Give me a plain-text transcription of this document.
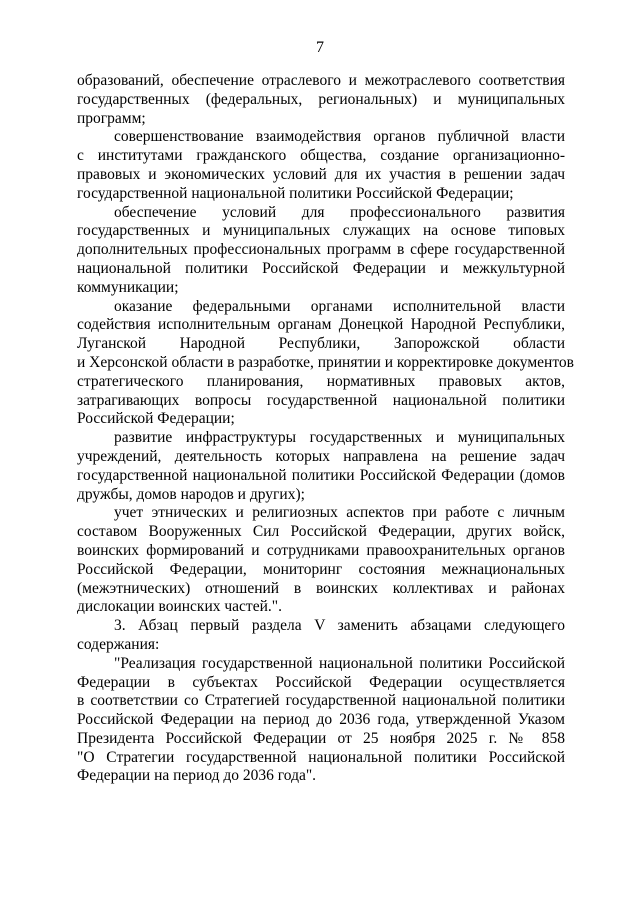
7
образований, обеспечение отраслевого и межотраслевого соответствия
государственных (федеральных, региональных) и муниципальных
программ;
совершенствование взаимодействия органов публичной власти
с институтами гражданского общества, создание организационно-
правовых и экономических условий для их участия в решении задач
государственной национальной политики Российской Федерации;
обеспечение условий для профессионального развития
государственных и муниципальных служащих на основе типовых
дополнительных профессиональных программ в сфере государственной
национальной политики Российской Федерации и межкультурной
коммуникации;
оказание федеральными органами исполнительной власти
содействия исполнительным органам Донецкой Народной Республики,
Луганской Народной Республики, Запорожской области
и Херсонской области в разработке, принятии и корректировке документов
стратегического планирования, нормативных правовых актов,
затрагивающих вопросы государственной национальной политики
Российской Федерации;
развитие инфраструктуры государственных и муниципальных
учреждений, деятельность которых направлена на решение задач
государственной национальной политики Российской Федерации (домов
дружбы, домов народов и других);
учет этнических и религиозных аспектов при работе с личным
составом Вооруженных Сил Российской Федерации, других войск,
воинских формирований и сотрудниками правоохранительных органов
Российской Федерации, мониторинг состояния межнациональных
(межэтнических) отношений в воинских коллективах и районах
дислокации воинских частей.".
3. Абзац первый раздела V заменить абзацами следующего
содержания:
"Реализация государственной национальной политики Российской
Федерации в субъектах Российской Федерации осуществляется
в соответствии со Стратегией государственной национальной политики
Российской Федерации на период до 2036 года, утвержденной Указом
Президента Российской Федерации от 25 ноября 2025 г. № 858
"О Стратегии государственной национальной политики Российской
Федерации на период до 2036 года".
